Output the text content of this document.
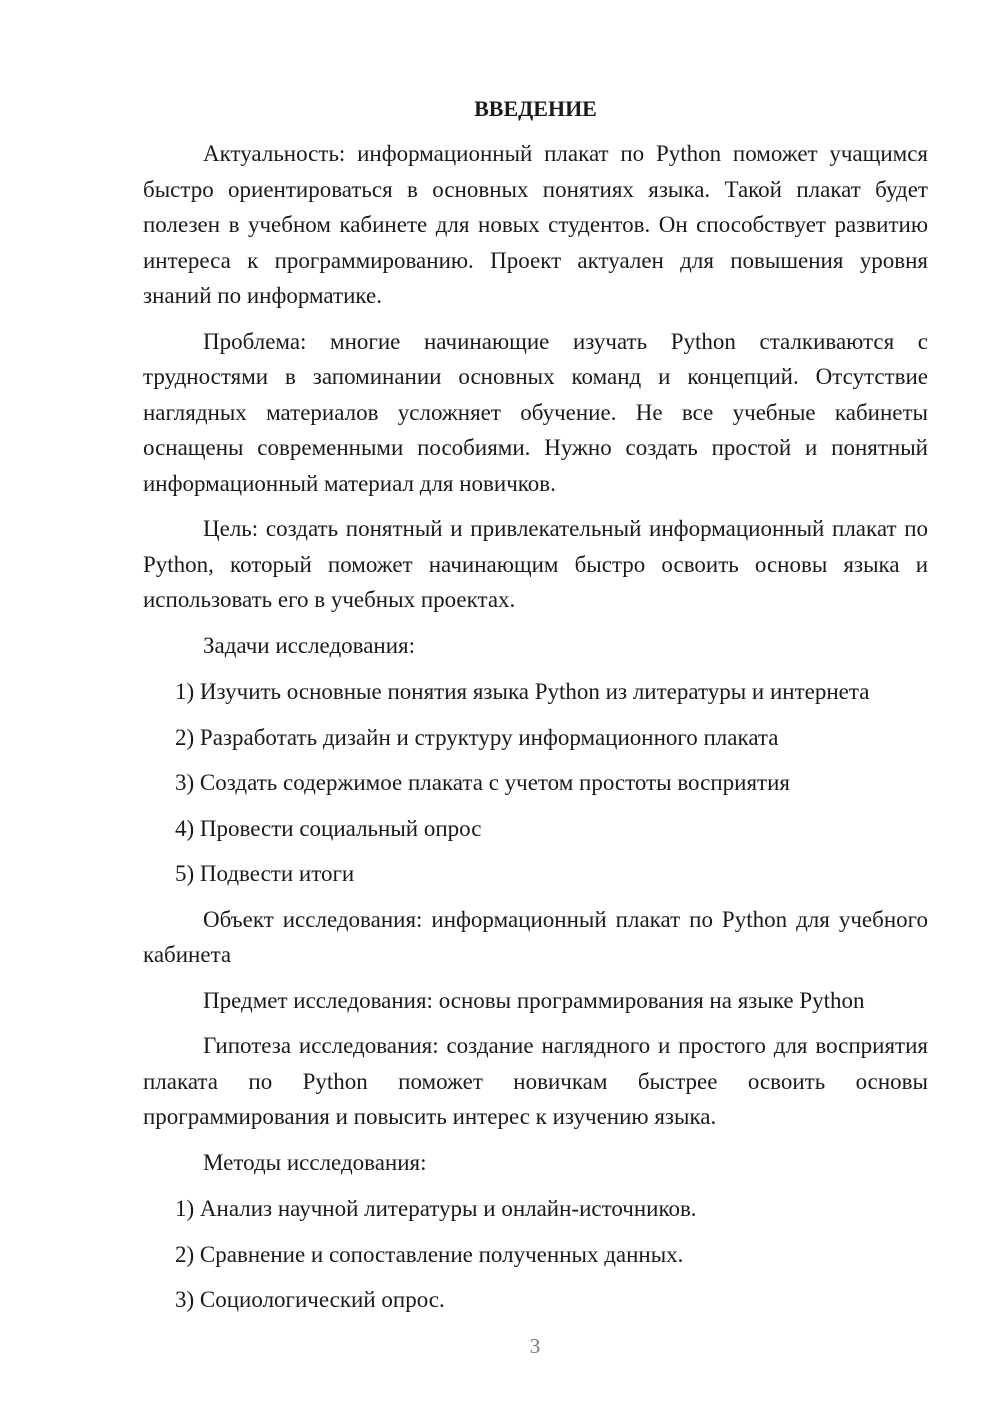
ВВЕДЕНИЕ

Актуальность: информационный плакат по Python поможет учащимся быстро ориентироваться в основных понятиях языка. Такой плакат будет полезен в учебном кабинете для новых студентов. Он способствует развитию интереса к программированию. Проект актуален для повышения уровня знаний по информатике.

Проблема: многие начинающие изучать Python сталкиваются с трудностями в запоминании основных команд и концепций. Отсутствие наглядных материалов усложняет обучение. Не все учебные кабинеты оснащены современными пособиями. Нужно создать простой и понятный информационный материал для новичков.

Цель: создать понятный и привлекательный информационный плакат по Python, который поможет начинающим быстро освоить основы языка и использовать его в учебных проектах.

Задачи исследования:

1) Изучить основные понятия языка Python из литературы и интернета
2) Разработать дизайн и структуру информационного плаката
3) Создать содержимое плаката с учетом простоты восприятия
4) Провести социальный опрос
5) Подвести итоги

Объект исследования: информационный плакат по Python для учебного кабинета

Предмет исследования: основы программирования на языке Python

Гипотеза исследования: создание наглядного и простого для восприятия плаката по Python поможет новичкам быстрее освоить основы программирования и повысить интерес к изучению языка.

Методы исследования:

1) Анализ научной литературы и онлайн-источников.
2) Сравнение и сопоставление полученных данных.
3) Социологический опрос.
3
